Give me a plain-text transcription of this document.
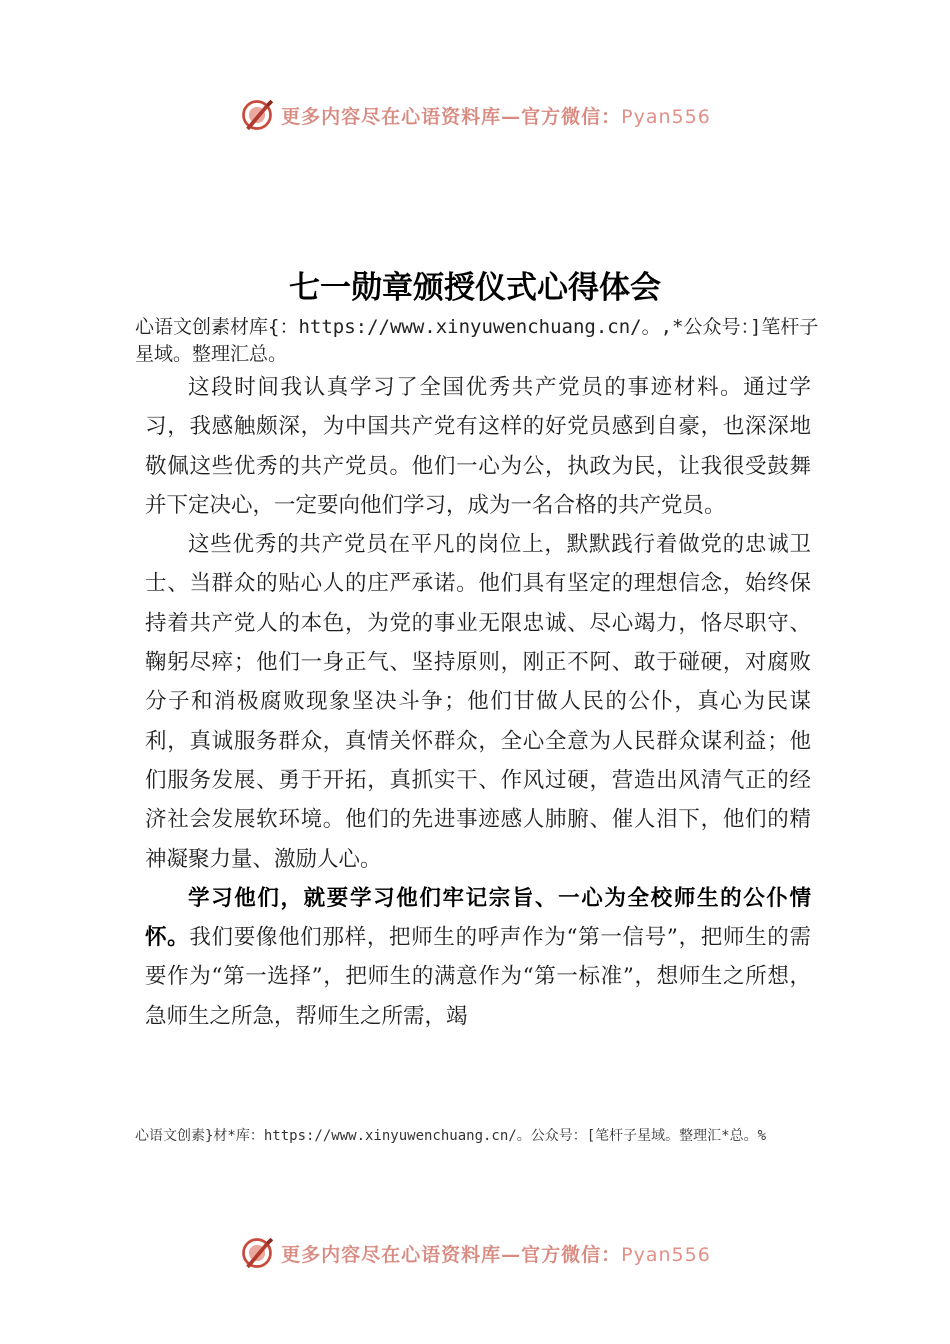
更多内容尽在心语资料库—官方微信：Pyan556
七一勋章颁授仪式心得体会
心语文创素材库{：https://www.xinyuwenchuang.cn/。,*公众号：]笔杆子星域。整理汇总。

这段时间我认真学习了全国优秀共产党员的事迹材料。通过学习，我感触颇深，为中国共产党有这样的好党员感到自豪，也深深地敬佩这些优秀的共产党员。他们一心为公，执政为民，让我很受鼓舞并下定决心，一定要向他们学习，成为一名合格的共产党员。

这些优秀的共产党员在平凡的岗位上，默默践行着做党的忠诚卫士、当群众的贴心人的庄严承诺。他们具有坚定的理想信念，始终保持着共产党人的本色，为党的事业无限忠诚、尽心竭力，恪尽职守、鞠躬尽瘁；他们一身正气、坚持原则，刚正不阿、敢于碰硬，对腐败分子和消极腐败现象坚决斗争；他们甘做人民的公仆，真心为民谋利，真诚服务群众，真情关怀群众，全心全意为人民群众谋利益；他们服务发展、勇于开拓，真抓实干、作风过硬，营造出风清气正的经济社会发展软环境。他们的先进事迹感人肺腑、催人泪下，他们的精神凝聚力量、激励人心。

学习他们，就要学习他们牢记宗旨、一心为全校师生的公仆情怀。我们要像他们那样，把师生的呼声作为“第一信号”，把师生的需要作为“第一选择”，把师生的满意作为“第一标准”，想师生之所想，急师生之所急，帮师生之所需，竭

心语文创素}材*库：https://www.xinyuwenchuang.cn/。公众号：[笔杆子星域。整理汇*总。%
更多内容尽在心语资料库—官方微信：Pyan556
